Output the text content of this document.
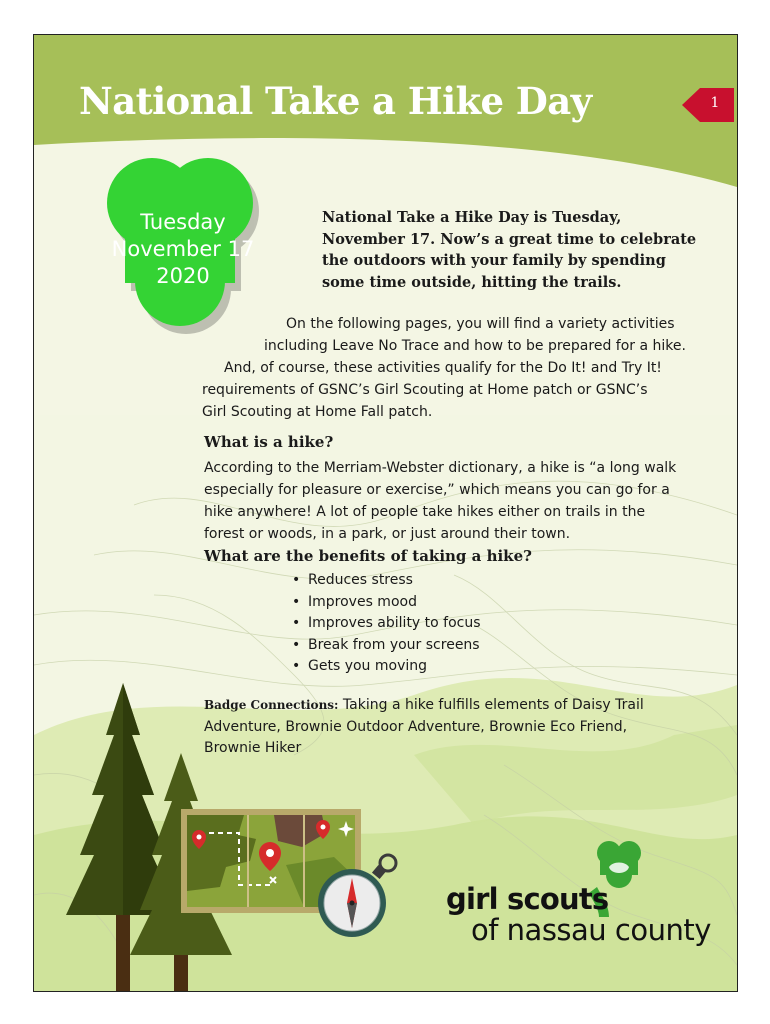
National Take a Hike Day	1
Tuesday
November 17
2020

National Take a Hike Day is Tuesday,
November 17. Now’s a great time to celebrate
the outdoors with your family by spending
some time outside, hitting the trails.

On the following pages, you will find a variety activities
including Leave No Trace and how to be prepared for a hike.
And, of course, these activities qualify for the Do It! and Try It!
requirements of GSNC’s Girl Scouting at Home patch or GSNC’s
Girl Scouting at Home Fall patch.

What is a hike?

According to the Merriam-Webster dictionary, a hike is “a long walk
especially for pleasure or exercise,” which means you can go for a
hike anywhere! A lot of people take hikes either on trails in the
forest or woods, in a park, or just around their town.

What are the benefits of taking a hike?
• Reduces stress
• Improves mood
• Improves ability to focus
• Break from your screens
• Gets you moving

Badge Connections: Taking a hike fulfills elements of Daisy Trail
Adventure, Brownie Outdoor Adventure, Brownie Eco Friend,
Brownie Hiker

girl scouts
of nassau county
